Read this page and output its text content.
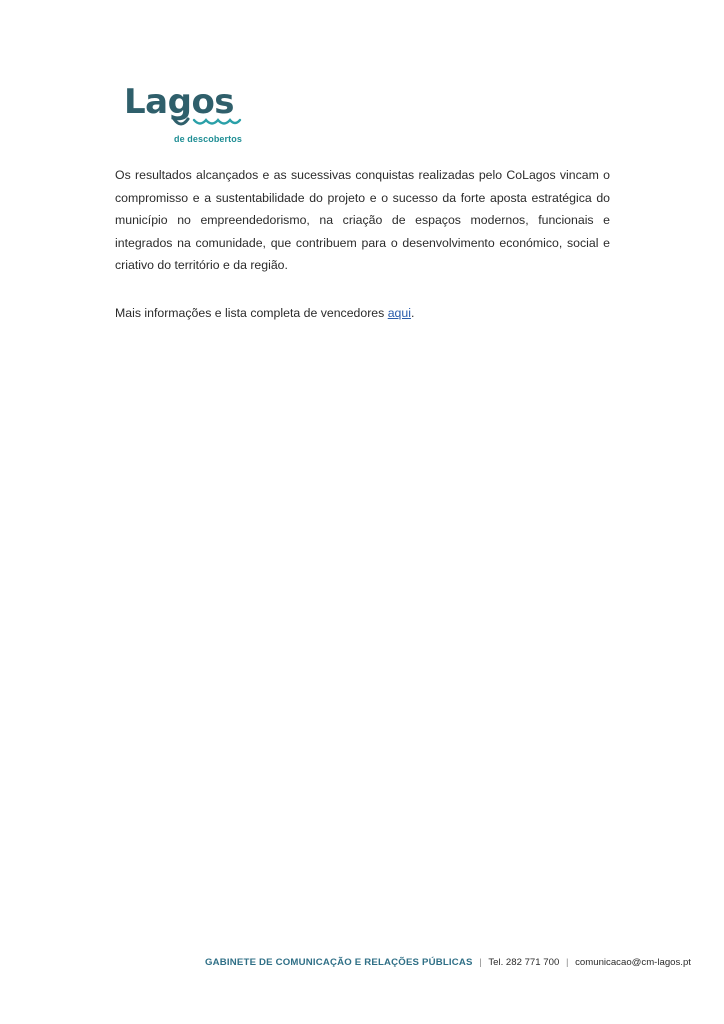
Lagos
de descobertos

Os resultados alcançados e as sucessivas conquistas realizadas pelo CoLagos vincam o compromisso e a sustentabilidade do projeto e o sucesso da forte aposta estratégica do município no empreendedorismo, na criação de espaços modernos, funcionais e integrados na comunidade, que contribuem para o desenvolvimento económico, social e criativo do território e da região.

Mais informações e lista completa de vencedores aqui.
GABINETE DE COMUNICAÇÃO E RELAÇÕES PÚBLICAS | Tel. 282 771 700 | comunicacao@cm-lagos.pt
